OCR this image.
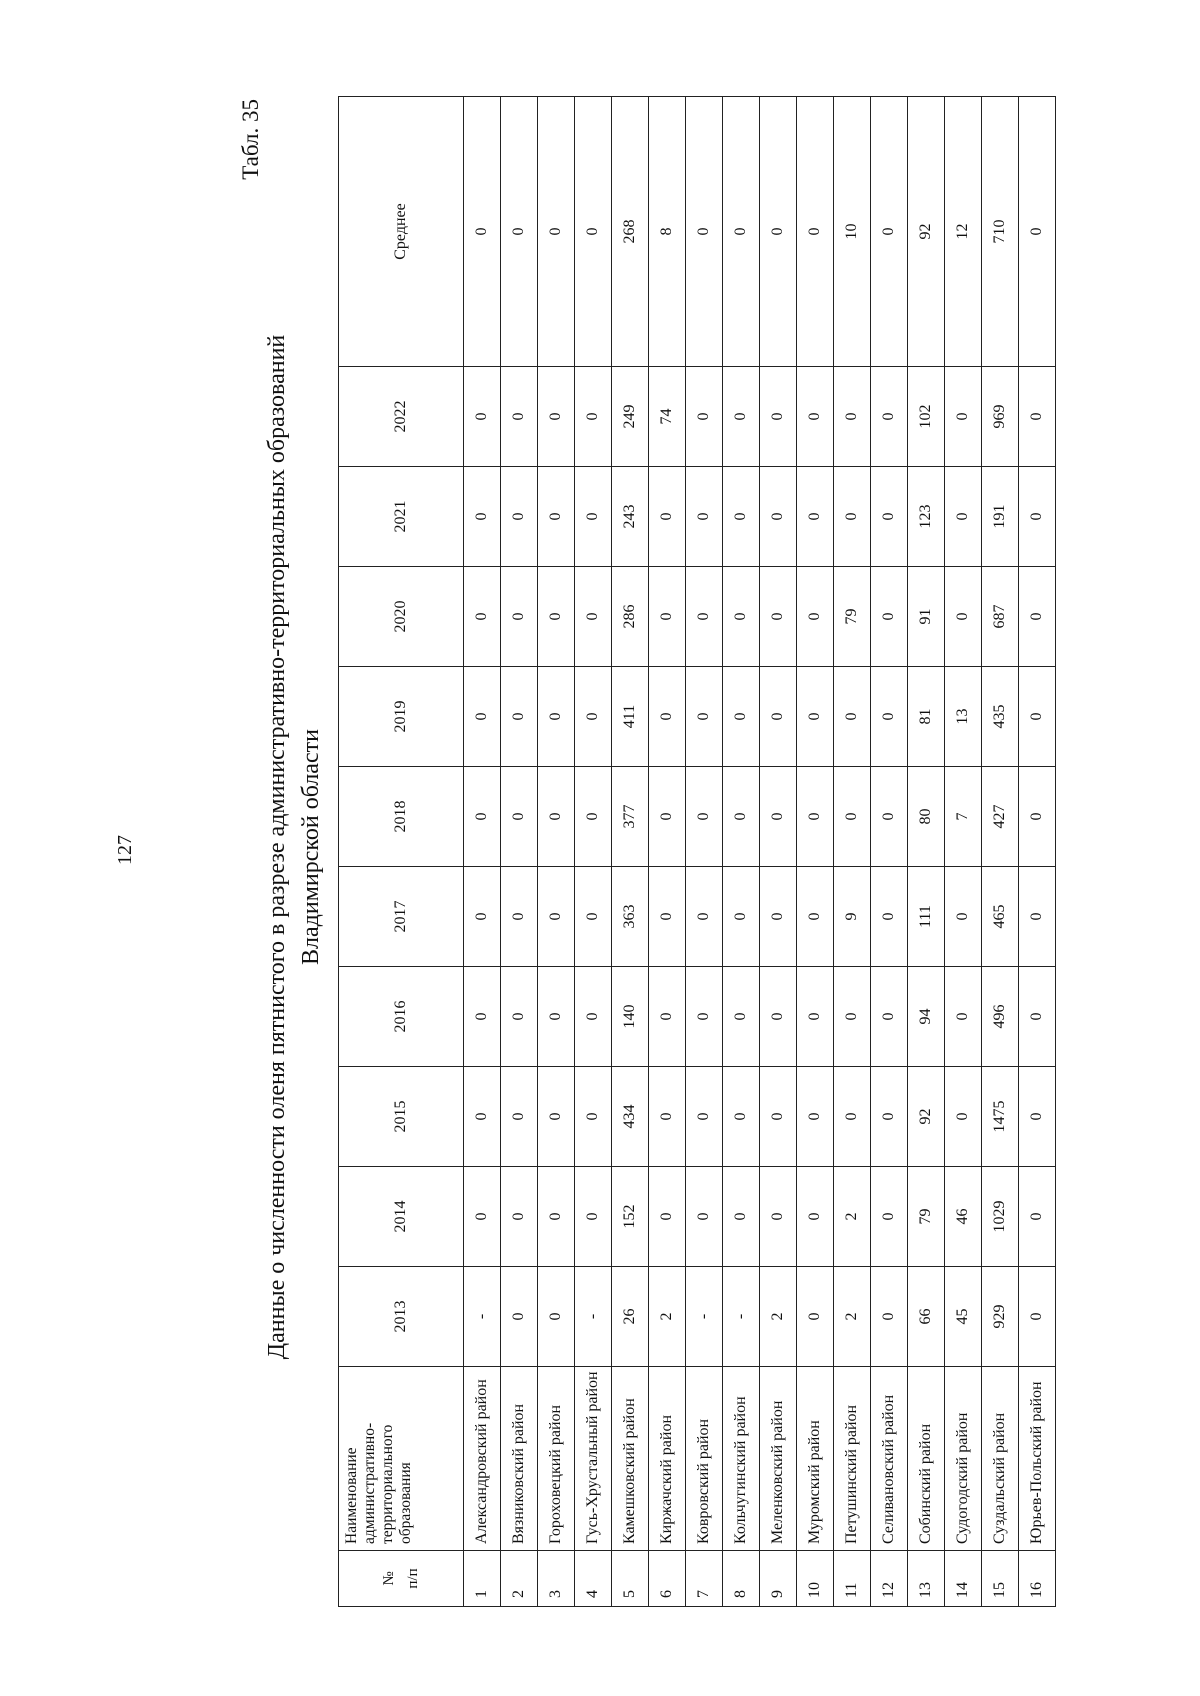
127
Табл. 35
Данные о численности оленя пятнистого в разрезе административно-территориальных образований Владимирской области
№ п/п	Наименование административно-территориального образования	2013	2014	2015	2016	2017	2018	2019	2020	2021	2022	Среднее
1	Александровский район	-	0	0	0	0	0	0	0	0	0	0
2	Вязниковский район	0	0	0	0	0	0	0	0	0	0	0
3	Гороховецкий район	0	0	0	0	0	0	0	0	0	0	0
4	Гусь-Хрустальный район	-	0	0	0	0	0	0	0	0	0	0
5	Камешковский район	26	152	434	140	363	377	411	286	243	249	268
6	Киржачский район	2	0	0	0	0	0	0	0	0	74	8
7	Ковровский район	-	0	0	0	0	0	0	0	0	0	0
8	Кольчугинский район	-	0	0	0	0	0	0	0	0	0	0
9	Меленковский район	2	0	0	0	0	0	0	0	0	0	0
10	Муромский район	0	0	0	0	0	0	0	0	0	0	0
11	Петушинский район	2	2	0	0	9	0	0	79	0	0	10
12	Селивановский район	0	0	0	0	0	0	0	0	0	0	0
13	Собинский район	66	79	92	94	111	80	81	91	123	102	92
14	Судогодский район	45	46	0	0	0	7	13	0	0	0	12
15	Суздальский район	929	1029	1475	496	465	427	435	687	191	969	710
16	Юрьев-Польский район	0	0	0	0	0	0	0	0	0	0	0
